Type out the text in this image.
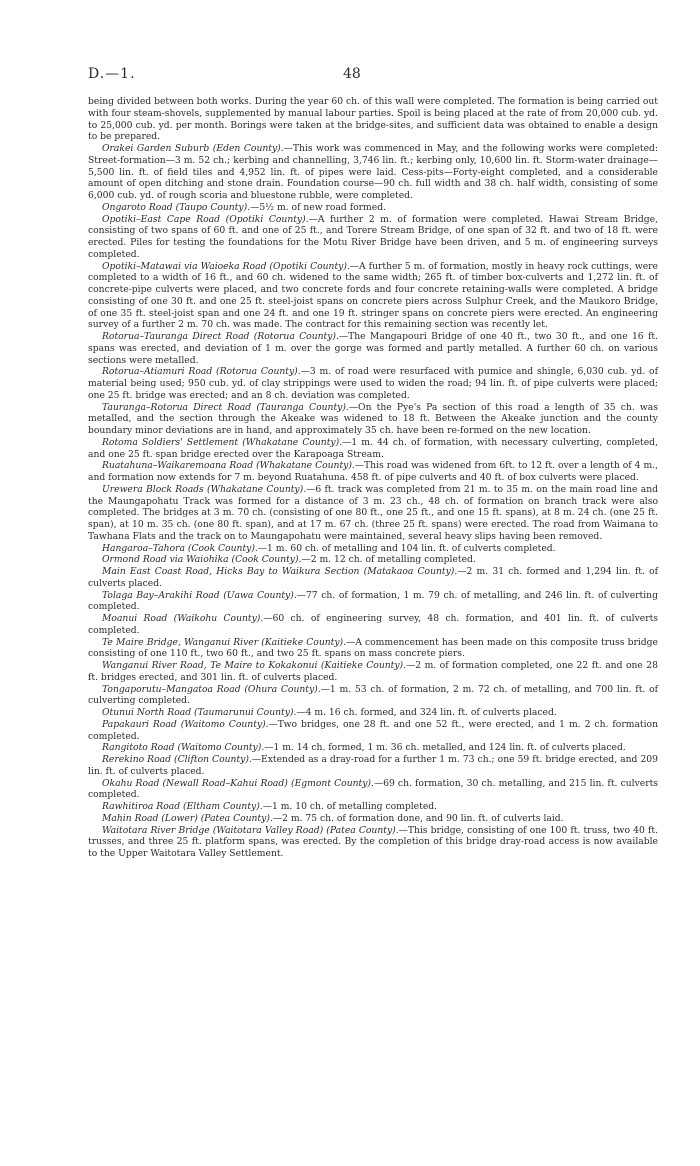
D.—1.	48

being divided between both works. During the year 60 ch. of this wall were completed. The formation is being carried out with four steam-shovels, supplemented by manual labour parties. Spoil is being placed at the rate of from 20,000 cub. yd. to 25,000 cub. yd. per month. Borings were taken at the bridge-sites, and sufficient data was obtained to enable a design to be prepared.

Orakei Garden Suburb (Eden County).—This work was commenced in May, and the following works were completed: Street-formation—3 m. 52 ch.; kerbing and channelling, 3,746 lin. ft.; kerbing only, 10,600 lin. ft. Storm-water drainage—5,500 lin. ft. of field tiles and 4,952 lin. ft. of pipes were laid. Cess-pits—Forty-eight completed, and a considerable amount of open ditching and stone drain. Foundation course—90 ch. full width and 38 ch. half width, consisting of some 6,000 cub. yd. of rough scoria and bluestone rubble, were completed.

Ongaroto Road (Taupo County).—5½ m. of new road formed.

Opotiki–East Cape Road (Opotiki County).—A further 2 m. of formation were completed. Hawai Stream Bridge, consisting of two spans of 60 ft. and one of 25 ft., and Torere Stream Bridge, of one span of 32 ft. and two of 18 ft. were erected. Piles for testing the foundations for the Motu River Bridge have been driven, and 5 m. of engineering surveys completed.

Opotiki–Matawai via Waioeka Road (Opotiki County).—A further 5 m. of formation, mostly in heavy rock cuttings, were completed to a width of 16 ft., and 60 ch. widened to the same width; 265 ft. of timber box-culverts and 1,272 lin. ft. of concrete-pipe culverts were placed, and two concrete fords and four concrete retaining-walls were completed. A bridge consisting of one 30 ft. and one 25 ft. steel-joist spans on concrete piers across Sulphur Creek, and the Maukoro Bridge, of one 35 ft. steel-joist span and one 24 ft. and one 19 ft. stringer spans on concrete piers were erected. An engineering survey of a further 2 m. 70 ch. was made. The contract for this remaining section was recently let.

Rotorua–Tauranga Direct Road (Rotorua County).—The Mangapouri Bridge of one 40 ft., two 30 ft., and one 16 ft. spans was erected, and deviation of 1 m. over the gorge was formed and partly metalled. A further 60 ch. on various sections were metalled.

Rotorua–Atiamuri Road (Rotorua County).—3 m. of road were resurfaced with pumice and shingle, 6,030 cub. yd. of material being used; 950 cub. yd. of clay strippings were used to widen the road; 94 lin. ft. of pipe culverts were placed; one 25 ft. bridge was erected; and an 8 ch. deviation was completed.

Tauranga–Rotorua Direct Road (Tauranga County).—On the Pye's Pa section of this road a length of 35 ch. was metalled, and the section through the Akeake was widened to 18 ft. Between the Akeake junction and the county boundary minor deviations are in hand, and approximately 35 ch. have been re-formed on the new location.

Rotoma Soldiers' Settlement (Whakatane County).—1 m. 44 ch. of formation, with necessary culverting, completed, and one 25 ft. span bridge erected over the Karapoaga Stream.

Ruatahuna–Waikaremoana Road (Whakatane County).—This road was widened from 6ft. to 12 ft. over a length of 4 m., and formation now extends for 7 m. beyond Ruatahuna. 458 ft. of pipe culverts and 40 ft. of box culverts were placed.

Urewera Block Roads (Whakatane County).—6 ft. track was completed from 21 m. to 35 m. on the main road line and the Maungapohatu Track was formed for a distance of 3 m. 23 ch., 48 ch. of formation on branch track were also completed. The bridges at 3 m. 70 ch. (consisting of one 80 ft., one 25 ft., and one 15 ft. spans), at 8 m. 24 ch. (one 25 ft. span), at 10 m. 35 ch. (one 80 ft. span), and at 17 m. 67 ch. (three 25 ft. spans) were erected. The road from Waimana to Tawhana Flats and the track on to Maungapohatu were maintained, several heavy slips having been removed.

Hangaroa–Tahora (Cook County).—1 m. 60 ch. of metalling and 104 lin. ft. of culverts completed.

Ormond Road via Waiohika (Cook County).—2 m. 12 ch. of metalling completed.

Main East Coast Road, Hicks Bay to Waikura Section (Matakaoa County).—2 m. 31 ch. formed and 1,294 lin. ft. of culverts placed.

Tolaga Bay–Arakihi Road (Uawa County).—77 ch. of formation, 1 m. 79 ch. of metalling, and 246 lin. ft. of culverting completed.

Moanui Road (Waikohu County).—60 ch. of engineering survey, 48 ch. formation, and 401 lin. ft. of culverts completed.

Te Maire Bridge, Wanganui River (Kaitieke County).—A commencement has been made on this composite truss bridge consisting of one 110 ft., two 60 ft., and two 25 ft. spans on mass concrete piers.

Wanganui River Road, Te Maire to Kokakonui (Kaitieke County).—2 m. of formation completed, one 22 ft. and one 28 ft. bridges erected, and 301 lin. ft. of culverts placed.

Tongaporutu–Mangatoa Road (Ohura County).—1 m. 53 ch. of formation, 2 m. 72 ch. of metalling, and 700 lin. ft. of culverting completed.

Otunui North Road (Taumarunui County).—4 m. 16 ch. formed, and 324 lin. ft. of culverts placed.

Papakauri Road (Waitomo County).—Two bridges, one 28 ft. and one 52 ft., were erected, and 1 m. 2 ch. formation completed.

Rangitoto Road (Waitomo County).—1 m. 14 ch. formed, 1 m. 36 ch. metalled, and 124 lin. ft. of culverts placed.

Rerekino Road (Clifton County).—Extended as a dray-road for a further 1 m. 73 ch.; one 59 ft. bridge erected, and 209 lin. ft. of culverts placed.

Okahu Road (Newall Road–Kahui Road) (Egmont County).—69 ch. formation, 30 ch. metalling, and 215 lin. ft. culverts completed.

Rawhitiroa Road (Eltham County).—1 m. 10 ch. of metalling completed.

Mahin Road (Lower) (Patea County).—2 m. 75 ch. of formation done, and 90 lin. ft. of culverts laid.

Waitotara River Bridge (Waitotara Valley Road) (Patea County).—This bridge, consisting of one 100 ft. truss, two 40 ft. trusses, and three 25 ft. platform spans, was erected. By the completion of this bridge dray-road access is now available to the Upper Waitotara Valley Settlement.
